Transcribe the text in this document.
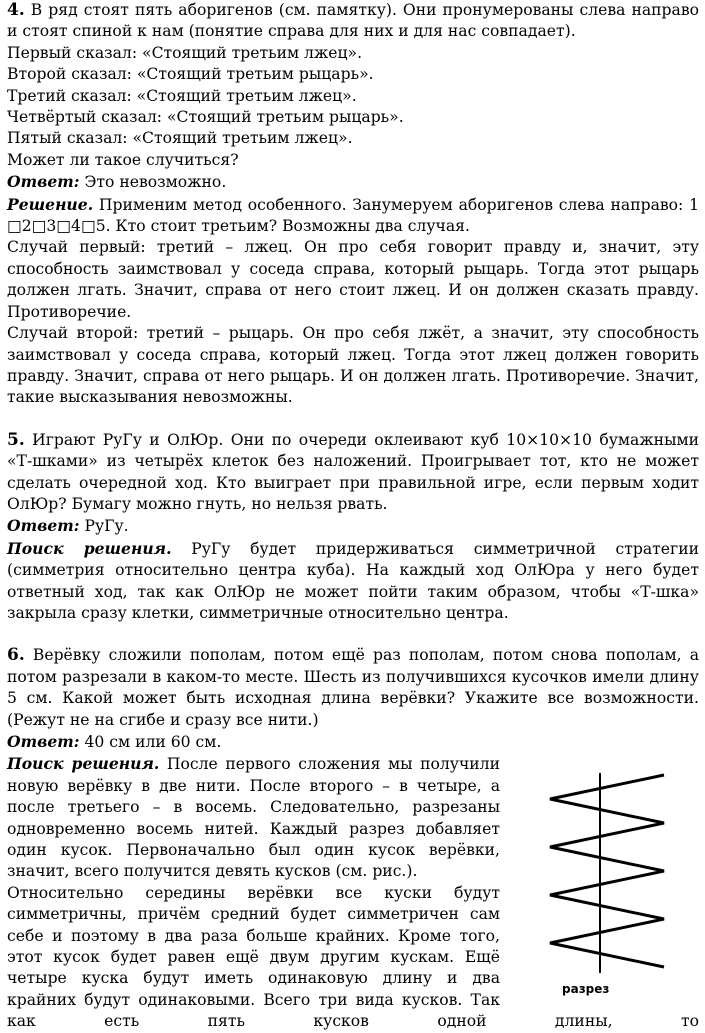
4. В ряд стоят пять аборигенов (см. памятку). Они пронумерованы слева направо и стоят спиной к нам (понятие справа для них и для нас совпадает).

Первый сказал: «Стоящий третьим лжец».

Второй сказал: «Стоящий третьим рыцарь».

Третий сказал: «Стоящий третьим лжец».

Четвёртый сказал: «Стоящий третьим рыцарь».

Пятый сказал: «Стоящий третьим лжец».

Может ли такое случиться?

Ответ: Это невозможно.

Решение. Применим метод особенного. Занумеруем аборигенов слева направо: 1 □2□3□4□5. Кто стоит третьим? Возможны два случая.

Случай первый: третий – лжец. Он про себя говорит правду и, значит, эту способность заимствовал у соседа справа, который рыцарь. Тогда этот рыцарь должен лгать. Значит, справа от него стоит лжец. И он должен сказать правду. Противоречие.

Случай второй: третий – рыцарь. Он про себя лжёт, а значит, эту способность заимствовал у соседа справа, который лжец. Тогда этот лжец должен говорить правду. Значит, справа от него рыцарь. И он должен лгать. Противоречие. Значит, такие высказывания невозможны.

5. Играют РуГу и ОлЮр. Они по очереди оклеивают куб 10×10×10 бумажными «Т-шками» из четырёх клеток без наложений. Проигрывает тот, кто не может сделать очередной ход. Кто выиграет при правильной игре, если первым ходит ОлЮр? Бумагу можно гнуть, но нельзя рвать.

Ответ: РуГу.

Поиск решения. РуГу будет придерживаться симметричной стратегии (симметрия относительно центра куба). На каждый ход ОлЮра у него будет ответный ход, так как ОлЮр не может пойти таким образом, чтобы «Т-шка» закрыла сразу клетки, симметричные относительно центра.

6. Верёвку сложили пополам, потом ещё раз пополам, потом снова пополам, а потом разрезали в каком-то месте. Шесть из получившихся кусочков имели длину 5 см. Какой может быть исходная длина верёвки? Укажите все возможности. (Режут не на сгибе и сразу все нити.)

Ответ: 40 см или 60 см.

разрез

Поиск решения. После первого сложения мы получили новую верёвку в две нити. После второго – в четыре, а после третьего – в восемь. Следовательно, разрезаны одновременно восемь нитей. Каждый разрез добавляет один кусок. Первоначально был один кусок верёвки, значит, всего получится девять кусков (см. рис.).

Относительно середины верёвки все куски будут симметричны, причём средний будет симметричен сам себе и поэтому в два раза больше крайних. Кроме того, этот кусок будет равен ещё двум другим кускам. Ещё четыре куска будут иметь одинаковую длину и два крайних будут одинаковыми. Всего три вида кусков. Так как есть пять кусков одной длины, то
